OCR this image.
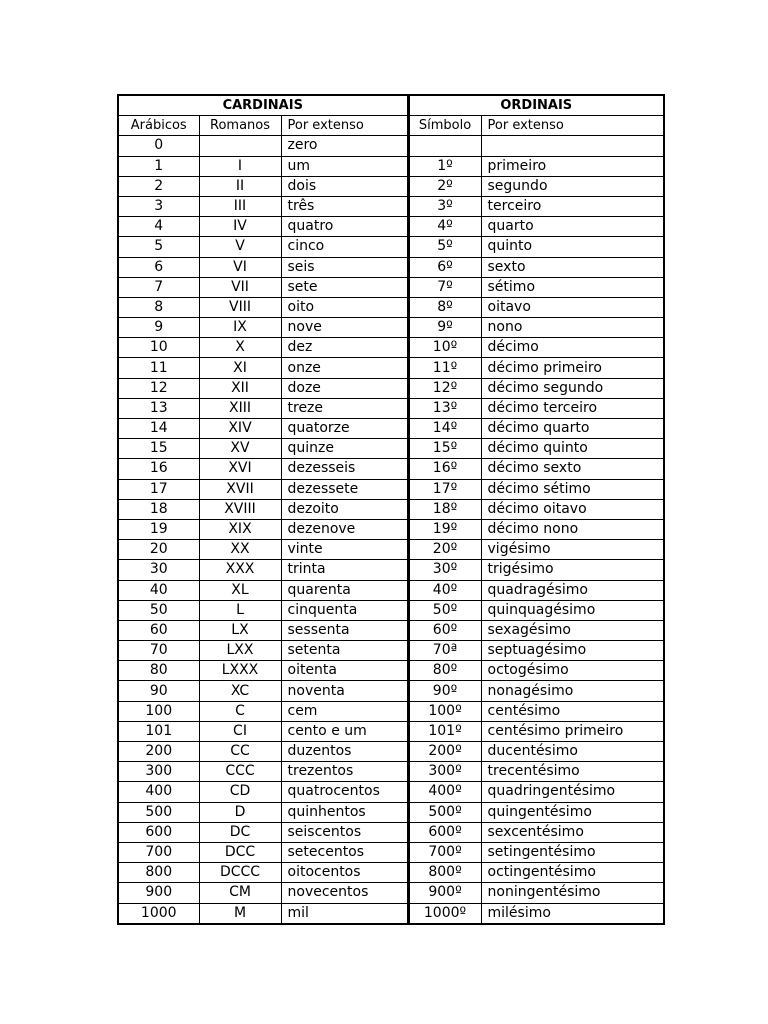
CARDINAIS			ORDINAIS	
Arábicos	Romanos	Por extenso	Símbolo	Por extenso
0		zero		
1	I	um	1º	primeiro
2	II	dois	2º	segundo
3	III	três	3º	terceiro
4	IV	quatro	4º	quarto
5	V	cinco	5º	quinto
6	VI	seis	6º	sexto
7	VII	sete	7º	sétimo
8	VIII	oito	8º	oitavo
9	IX	nove	9º	nono
10	X	dez	10º	décimo
11	XI	onze	11º	décimo primeiro
12	XII	doze	12º	décimo segundo
13	XIII	treze	13º	décimo terceiro
14	XIV	quatorze	14º	décimo quarto
15	XV	quinze	15º	décimo quinto
16	XVI	dezesseis	16º	décimo sexto
17	XVII	dezessete	17º	décimo sétimo
18	XVIII	dezoito	18º	décimo oitavo
19	XIX	dezenove	19º	décimo nono
20	XX	vinte	20º	vigésimo
30	XXX	trinta	30º	trigésimo
40	XL	quarenta	40º	quadragésimo
50	L	cinquenta	50º	quinquagésimo
60	LX	sessenta	60º	sexagésimo
70	LXX	setenta	70ª	septuagésimo
80	LXXX	oitenta	80º	octogésimo
90	XC	noventa	90º	nonagésimo
100	C	cem	100º	centésimo
101	CI	cento e um	101º	centésimo primeiro
200	CC	duzentos	200º	ducentésimo
300	CCC	trezentos	300º	trecentésimo
400	CD	quatrocentos	400º	quadringentésimo
500	D	quinhentos	500º	quingentésimo
600	DC	seiscentos	600º	sexcentésimo
700	DCC	setecentos	700º	setingentésimo
800	DCCC	oitocentos	800º	octingentésimo
900	CM	novecentos	900º	noningentésimo
1000	M	mil	1000º	milésimo
